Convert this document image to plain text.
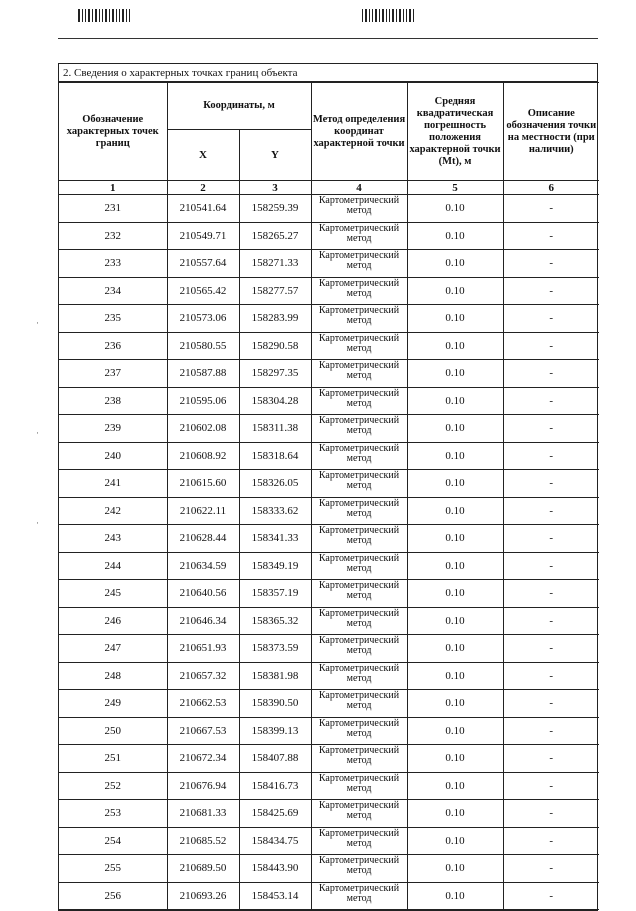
·
·
·
2. Сведения о характерных точках границ объекта
Обозначение характерных точек границ	Координаты, м		Метод определения координат характерной точки	Средняя квадратическая погрешность положения характерной точки (Mt), м	Описание обозначения точки на местности (при наличии)
	X	Y			
1	2	3	4	5	6
231	210541.64	158259.39	Картометрический метод	0.10	-
232	210549.71	158265.27	Картометрический метод	0.10	-
233	210557.64	158271.33	Картометрический метод	0.10	-
234	210565.42	158277.57	Картометрический метод	0.10	-
235	210573.06	158283.99	Картометрический метод	0.10	-
236	210580.55	158290.58	Картометрический метод	0.10	-
237	210587.88	158297.35	Картометрический метод	0.10	-
238	210595.06	158304.28	Картометрический метод	0.10	-
239	210602.08	158311.38	Картометрический метод	0.10	-
240	210608.92	158318.64	Картометрический метод	0.10	-
241	210615.60	158326.05	Картометрический метод	0.10	-
242	210622.11	158333.62	Картометрический метод	0.10	-
243	210628.44	158341.33	Картометрический метод	0.10	-
244	210634.59	158349.19	Картометрический метод	0.10	-
245	210640.56	158357.19	Картометрический метод	0.10	-
246	210646.34	158365.32	Картометрический метод	0.10	-
247	210651.93	158373.59	Картометрический метод	0.10	-
248	210657.32	158381.98	Картометрический метод	0.10	-
249	210662.53	158390.50	Картометрический метод	0.10	-
250	210667.53	158399.13	Картометрический метод	0.10	-
251	210672.34	158407.88	Картометрический метод	0.10	-
252	210676.94	158416.73	Картометрический метод	0.10	-
253	210681.33	158425.69	Картометрический метод	0.10	-
254	210685.52	158434.75	Картометрический метод	0.10	-
255	210689.50	158443.90	Картометрический метод	0.10	-
256	210693.26	158453.14	Картометрический метод	0.10	-
